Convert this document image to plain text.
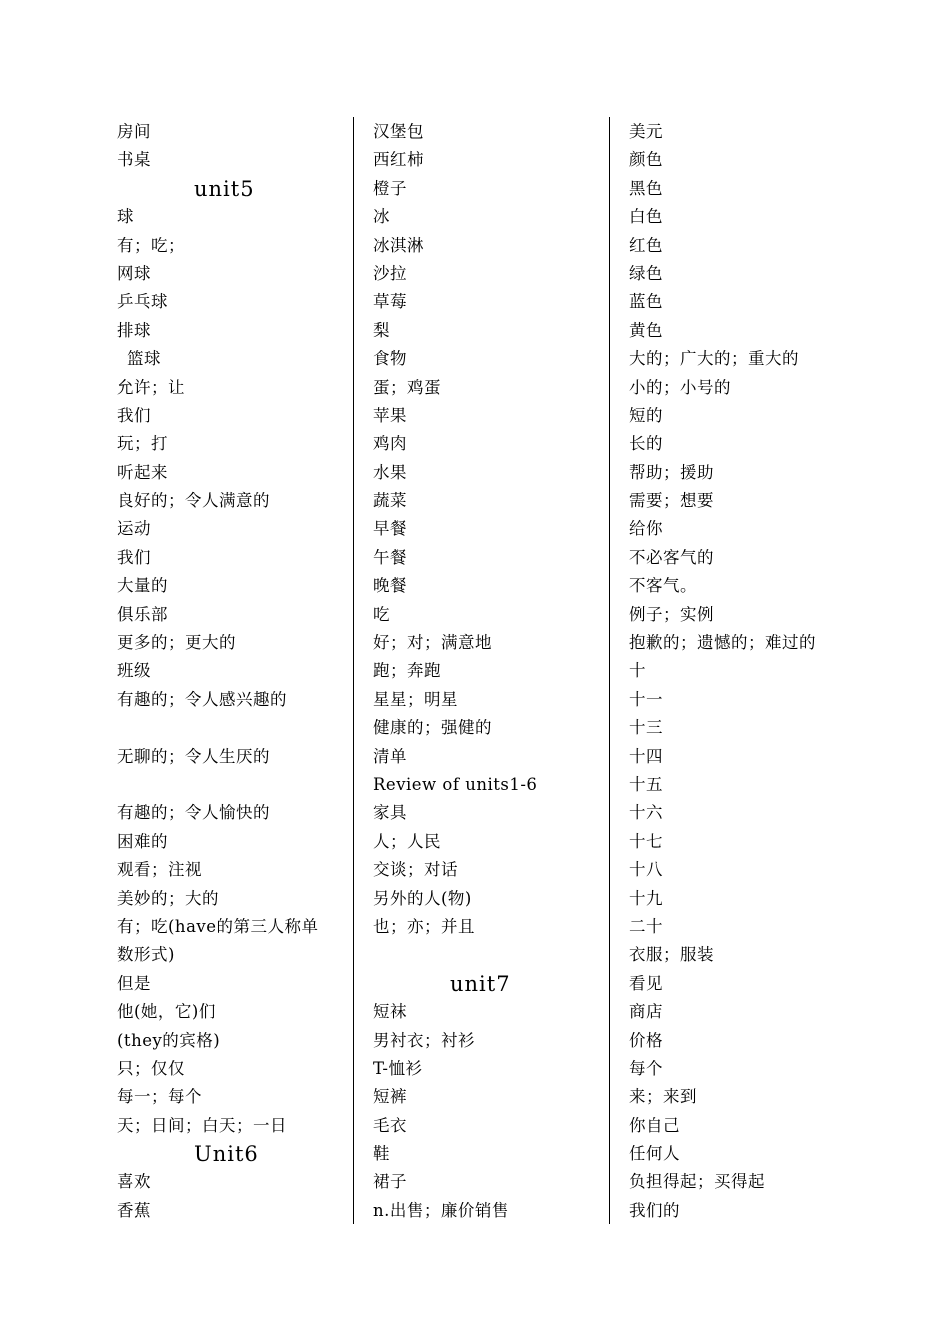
房间
书桌
unit5
球
有；吃；
网球
乒乓球
排球
篮球
允许；让
我们
玩；打
听起来
良好的；令人满意的
运动
我们
大量的
俱乐部
更多的；更大的
班级
有趣的；令人感兴趣的
无聊的；令人生厌的
有趣的；令人愉快的
困难的
观看；注视
美妙的；大的
有；吃(have的第三人称单
数形式)
但是
他(她，它)们
(they的宾格)
只；仅仅
每一；每个
天；日间；白天；一日
Unit6
喜欢
香蕉
汉堡包
西红柿
橙子
冰
冰淇淋
沙拉
草莓
梨
食物
蛋；鸡蛋
苹果
鸡肉
水果
蔬菜
早餐
午餐
晚餐
吃
好；对；满意地
跑；奔跑
星星；明星
健康的；强健的
清单
Review of units1-6
家具
人；人民
交谈；对话
另外的人(物)
也；亦；并且
unit7
短袜
男衬衣；衬衫
T-恤衫
短裤
毛衣
鞋
裙子
n.出售；廉价销售
美元
颜色
黑色
白色
红色
绿色
蓝色
黄色
大的；广大的；重大的
小的；小号的
短的
长的
帮助；援助
需要；想要
给你
不必客气的
不客气。
例子；实例
抱歉的；遗憾的；难过的
十
十一
十三
十四
十五
十六
十七
十八
十九
二十
衣服；服装
看见
商店
价格
每个
来；来到
你自己
任何人
负担得起；买得起
我们的
